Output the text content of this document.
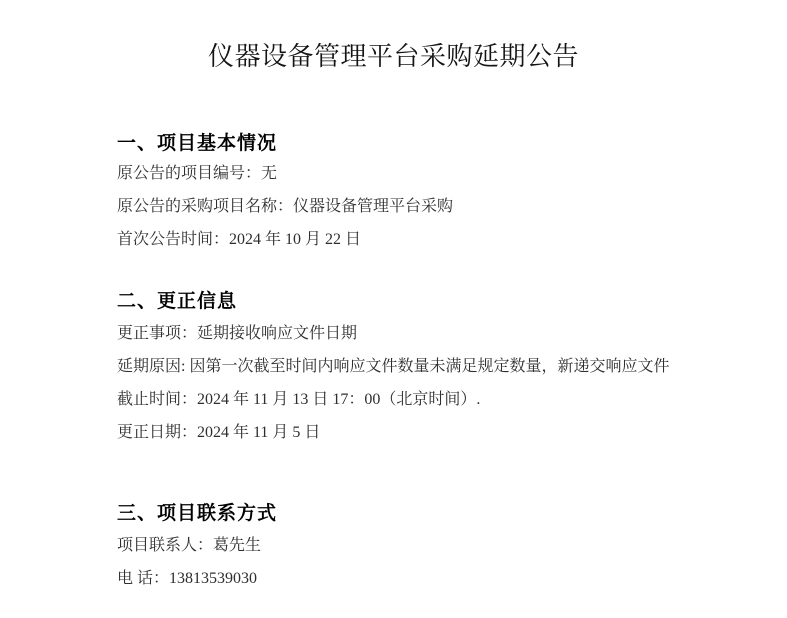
仪器设备管理平台采购延期公告
一、项目基本情况

原公告的项目编号：无

原公告的采购项目名称：仪器设备管理平台采购

首次公告时间：2024 年 10 月 22 日

二、更正信息

更正事项：延期接收响应文件日期

延期原因: 因第一次截至时间内响应文件数量未满足规定数量，新递交响应文件

截止时间：2024 年 11 月 13 日 17：00（北京时间）.

更正日期：2024 年 11 月 5 日

三、项目联系方式

项目联系人：葛先生

电 话：13813539030
